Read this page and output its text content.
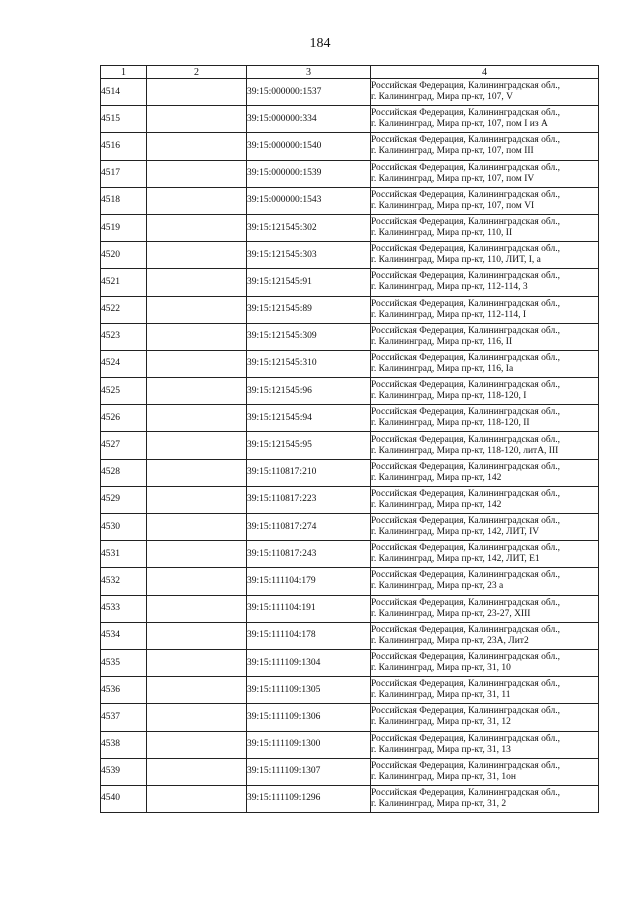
184
1	2	3	4
4514		39:15:000000:1537	Российская Федерация, Калининградская обл.,
г. Калининград, Мира пр-кт, 107, V

4515		39:15:000000:334	Российская Федерация, Калининградская обл.,
г. Калининград, Мира пр-кт, 107, пом I из А

4516		39:15:000000:1540	Российская Федерация, Калининградская обл.,
г. Калининград, Мира пр-кт, 107, пом III

4517		39:15:000000:1539	Российская Федерация, Калининградская обл.,
г. Калининград, Мира пр-кт, 107, пом IV

4518		39:15:000000:1543	Российская Федерация, Калининградская обл.,
г. Калининград, Мира пр-кт, 107, пом VI

4519		39:15:121545:302	Российская Федерация, Калининградская обл.,
г. Калининград, Мира пр-кт, 110, II

4520		39:15:121545:303	Российская Федерация, Калининградская обл.,
г. Калининград, Мира пр-кт, 110, ЛИТ, I, а

4521		39:15:121545:91	Российская Федерация, Калининградская обл.,
г. Калининград, Мира пр-кт, 112-114, 3

4522		39:15:121545:89	Российская Федерация, Калининградская обл.,
г. Калининград, Мира пр-кт, 112-114, I

4523		39:15:121545:309	Российская Федерация, Калининградская обл.,
г. Калининград, Мира пр-кт, 116, II

4524		39:15:121545:310	Российская Федерация, Калининградская обл.,
г. Калининград, Мира пр-кт, 116, Iа

4525		39:15:121545:96	Российская Федерация, Калининградская обл.,
г. Калининград, Мира пр-кт, 118-120, I

4526		39:15:121545:94	Российская Федерация, Калининградская обл.,
г. Калининград, Мира пр-кт, 118-120, II

4527		39:15:121545:95	Российская Федерация, Калининградская обл.,
г. Калининград, Мира пр-кт, 118-120, литА, III

4528		39:15:110817:210	Российская Федерация, Калининградская обл.,
г. Калининград, Мира пр-кт, 142

4529		39:15:110817:223	Российская Федерация, Калининградская обл.,
г. Калининград, Мира пр-кт, 142

4530		39:15:110817:274	Российская Федерация, Калининградская обл.,
г. Калининград, Мира пр-кт, 142, ЛИТ, IV

4531		39:15:110817:243	Российская Федерация, Калининградская обл.,
г. Калининград, Мира пр-кт, 142, ЛИТ, Е1

4532		39:15:111104:179	Российская Федерация, Калининградская обл.,
г. Калининград, Мира пр-кт, 23 а

4533		39:15:111104:191	Российская Федерация, Калининградская обл.,
г. Калининград, Мира пр-кт, 23-27, XIII

4534		39:15:111104:178	Российская Федерация, Калининградская обл.,
г. Калининград, Мира пр-кт, 23А, Лит2

4535		39:15:111109:1304	Российская Федерация, Калининградская обл.,
г. Калининград, Мира пр-кт, 31, 10

4536		39:15:111109:1305	Российская Федерация, Калининградская обл.,
г. Калининград, Мира пр-кт, 31, 11

4537		39:15:111109:1306	Российская Федерация, Калининградская обл.,
г. Калининград, Мира пр-кт, 31, 12

4538		39:15:111109:1300	Российская Федерация, Калининградская обл.,
г. Калининград, Мира пр-кт, 31, 13

4539		39:15:111109:1307	Российская Федерация, Калининградская обл.,
г. Калининград, Мира пр-кт, 31, 1он

4540		39:15:111109:1296	Российская Федерация, Калининградская обл.,
г. Калининград, Мира пр-кт, 31, 2
